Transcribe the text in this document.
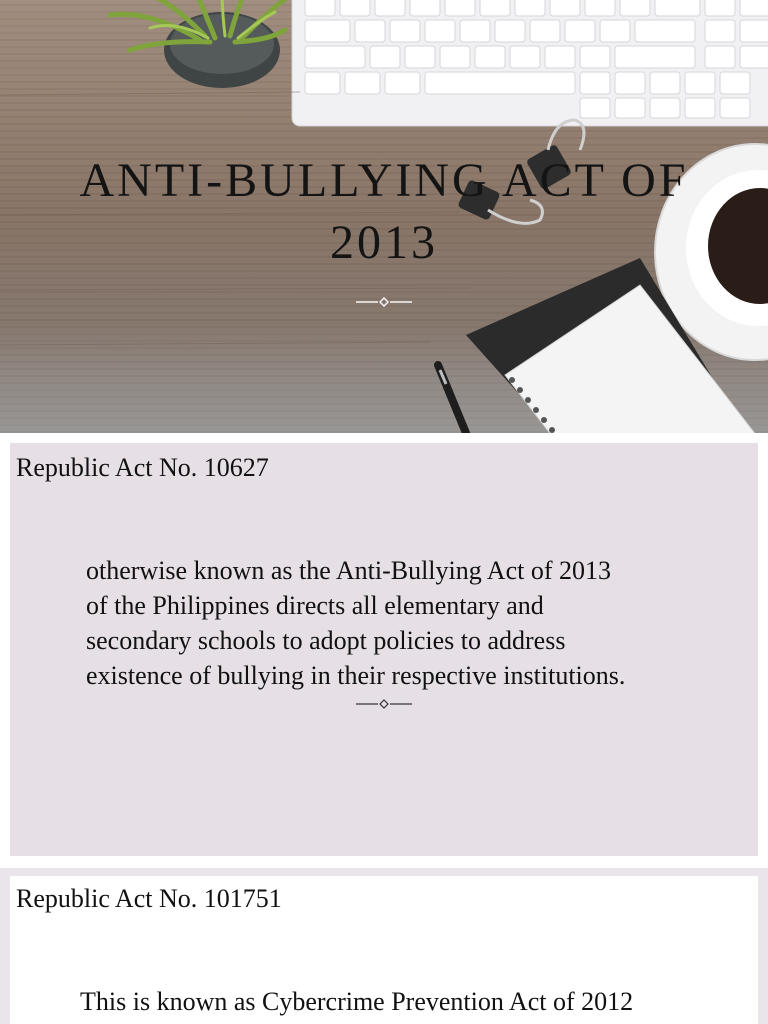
ANTI-BULLYING ACT OF
2013
Republic Act No. 10627
otherwise known as the Anti-Bullying Act of 2013
of the Philippines directs all elementary and
secondary schools to adopt policies to address
existence of bullying in their respective institutions.
Republic Act No. 101751
This is known as Cybercrime Prevention Act of 2012
